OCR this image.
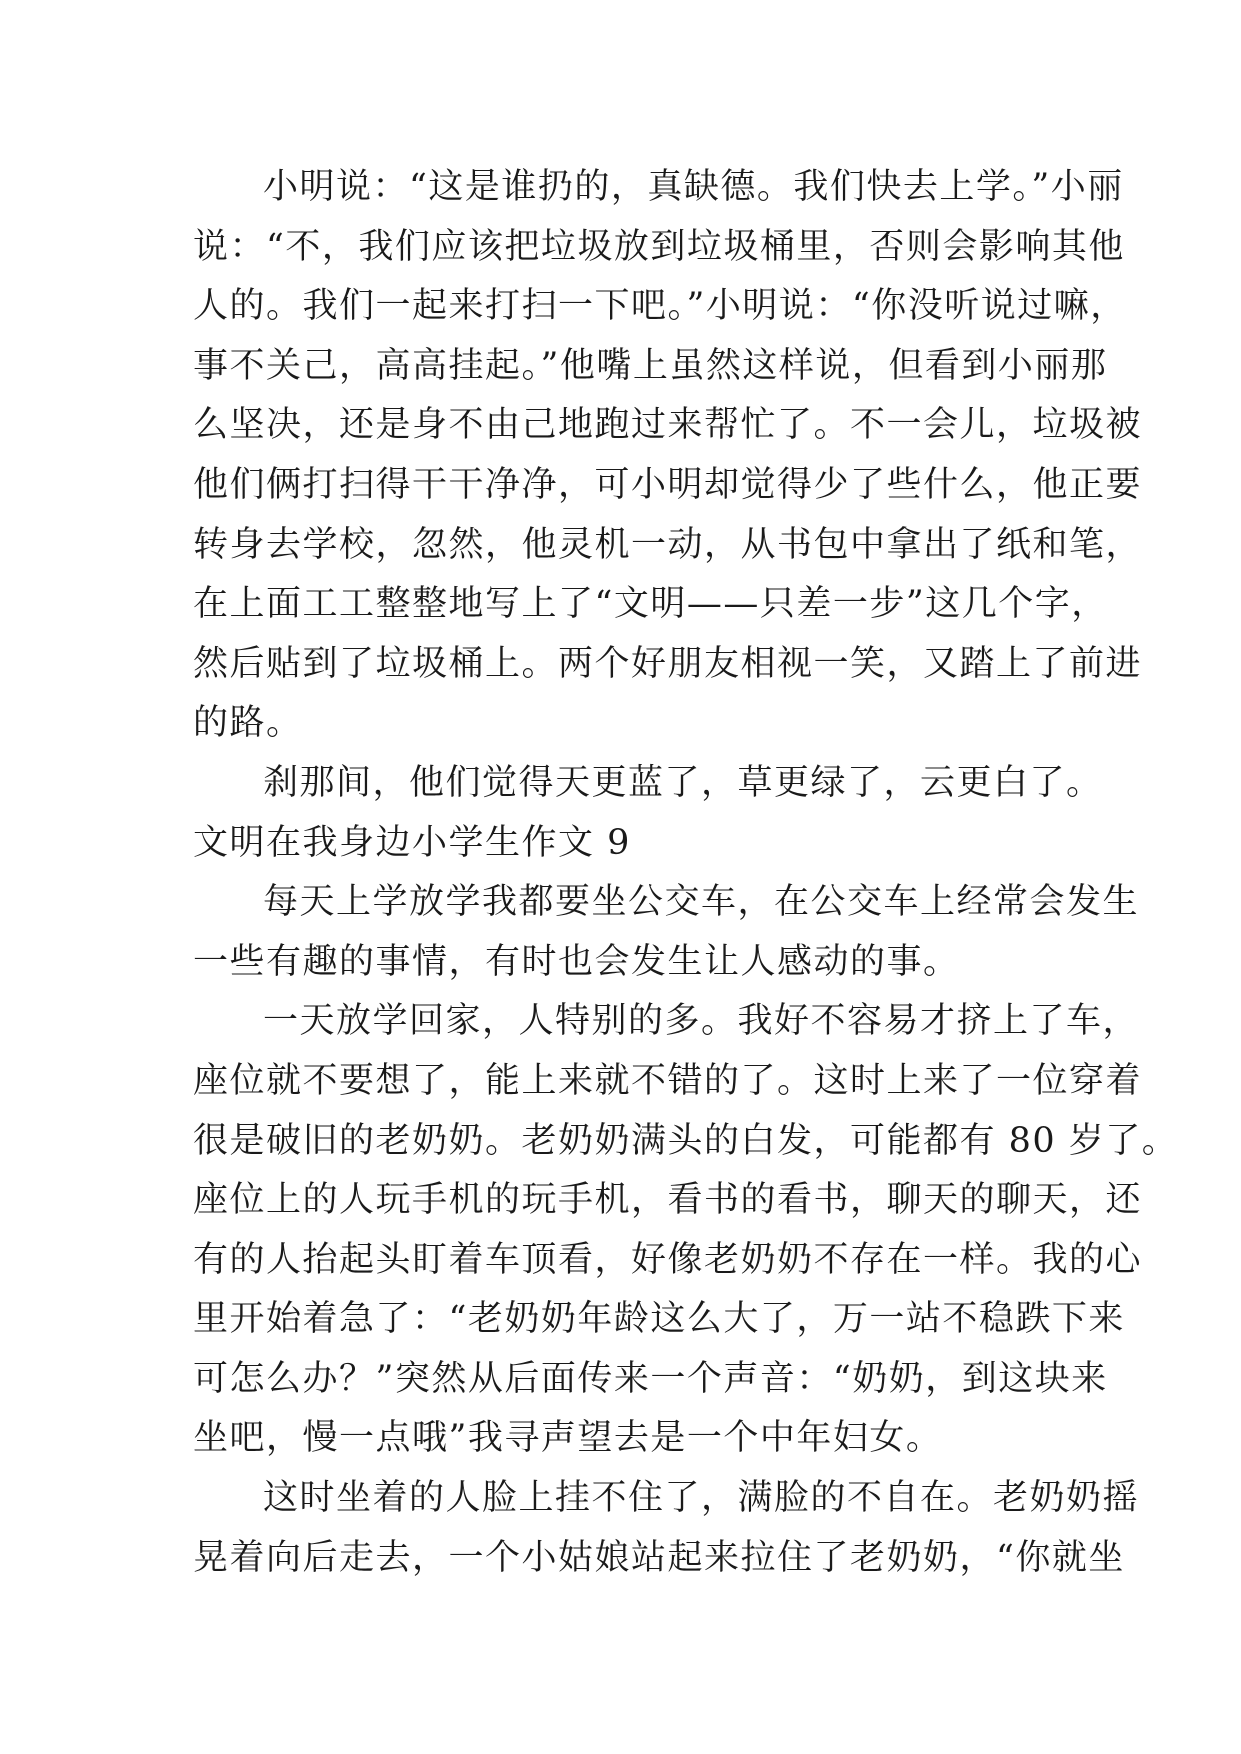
小明说：“这是谁扔的，真缺德。我们快去上学。”小丽
说：“不，我们应该把垃圾放到垃圾桶里，否则会影响其他
人的。我们一起来打扫一下吧。”小明说：“你没听说过嘛，
事不关己，高高挂起。”他嘴上虽然这样说，但看到小丽那
么坚决，还是身不由己地跑过来帮忙了。不一会儿，垃圾被
他们俩打扫得干干净净，可小明却觉得少了些什么，他正要
转身去学校，忽然，他灵机一动，从书包中拿出了纸和笔，
在上面工工整整地写上了“文明——只差一步”这几个字，
然后贴到了垃圾桶上。两个好朋友相视一笑，又踏上了前进
的路。
刹那间，他们觉得天更蓝了，草更绿了，云更白了。
文明在我身边小学生作文 9
每天上学放学我都要坐公交车，在公交车上经常会发生
一些有趣的事情，有时也会发生让人感动的事。
一天放学回家，人特别的多。我好不容易才挤上了车，
座位就不要想了，能上来就不错的了。这时上来了一位穿着
很是破旧的老奶奶。老奶奶满头的白发，可能都有 80 岁了。
座位上的人玩手机的玩手机，看书的看书，聊天的聊天，还
有的人抬起头盯着车顶看，好像老奶奶不存在一样。我的心
里开始着急了：“老奶奶年龄这么大了，万一站不稳跌下来
可怎么办？”突然从后面传来一个声音：“奶奶，到这块来
坐吧，慢一点哦”我寻声望去是一个中年妇女。
这时坐着的人脸上挂不住了，满脸的不自在。老奶奶摇
晃着向后走去，一个小姑娘站起来拉住了老奶奶，“你就坐
